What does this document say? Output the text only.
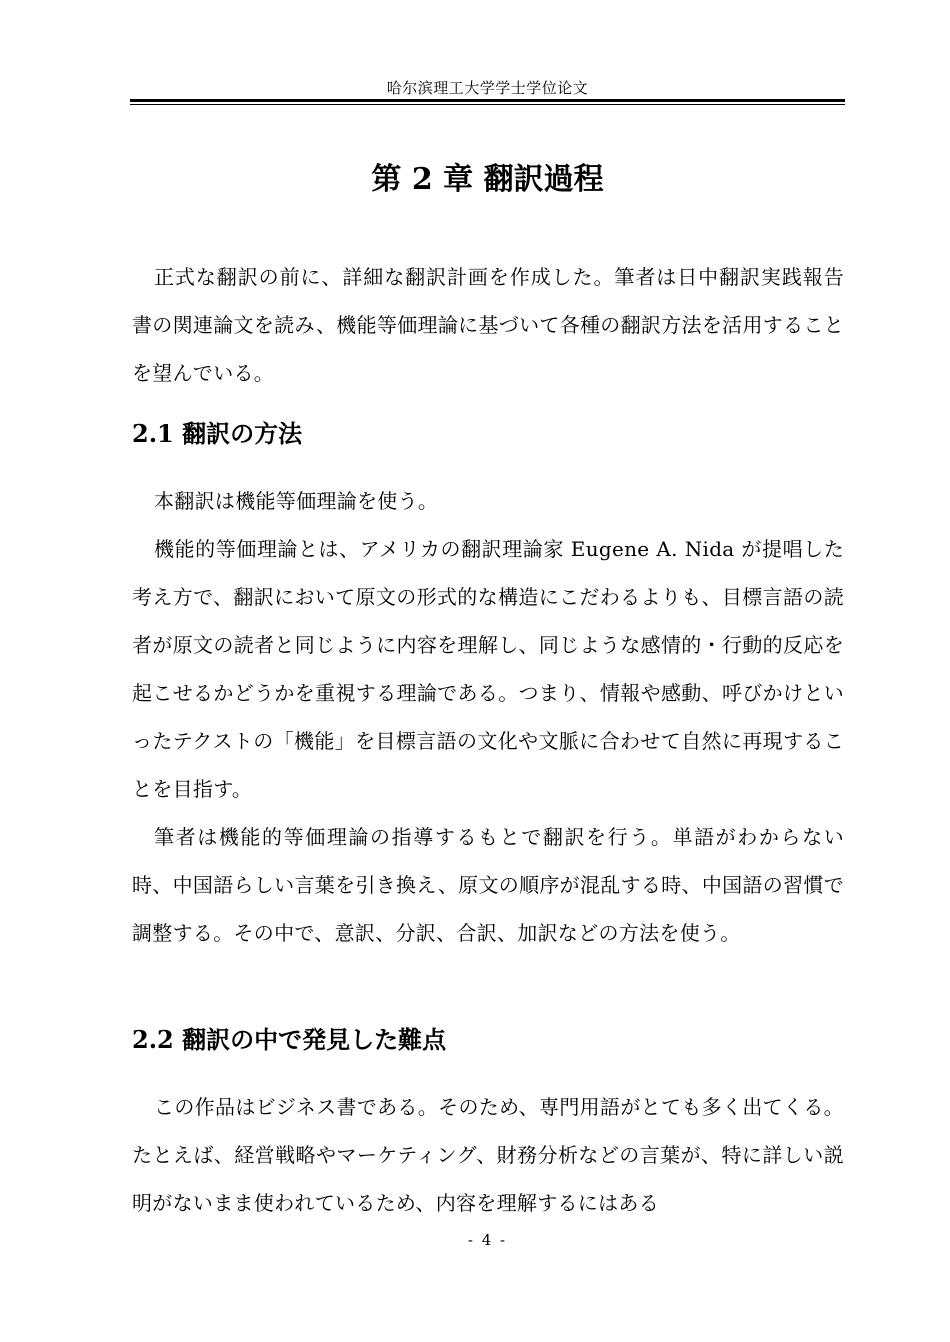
哈尔滨理工大学学士学位论文
第 2 章 翻訳過程

正式な翻訳の前に、詳細な翻訳計画を作成した。筆者は日中翻訳実践報告書の関連論文を読み、機能等価理論に基づいて各種の翻訳方法を活用することを望んでいる。

2.1 翻訳の方法

本翻訳は機能等価理論を使う。

機能的等価理論とは、アメリカの翻訳理論家 Eugene A. Nida が提唱した考え方で、翻訳において原文の形式的な構造にこだわるよりも、目標言語の読者が原文の読者と同じように内容を理解し、同じような感情的・行動的反応を起こせるかどうかを重視する理論である。つまり、情報や感動、呼びかけといったテクストの「機能」を目標言語の文化や文脈に合わせて自然に再現することを目指す。

筆者は機能的等価理論の指導するもとで翻訳を行う。単語がわからない時、中国語らしい言葉を引き換え、原文の順序が混乱する時、中国語の習慣で調整する。その中で、意訳、分訳、合訳、加訳などの方法を使う。

2.2 翻訳の中で発見した難点

この作品はビジネス書である。そのため、専門用語がとても多く出てくる。たとえば、経営戦略やマーケティング、財務分析などの言葉が、特に詳しい説明がないまま使われているため、内容を理解するにはある

- 4 -
